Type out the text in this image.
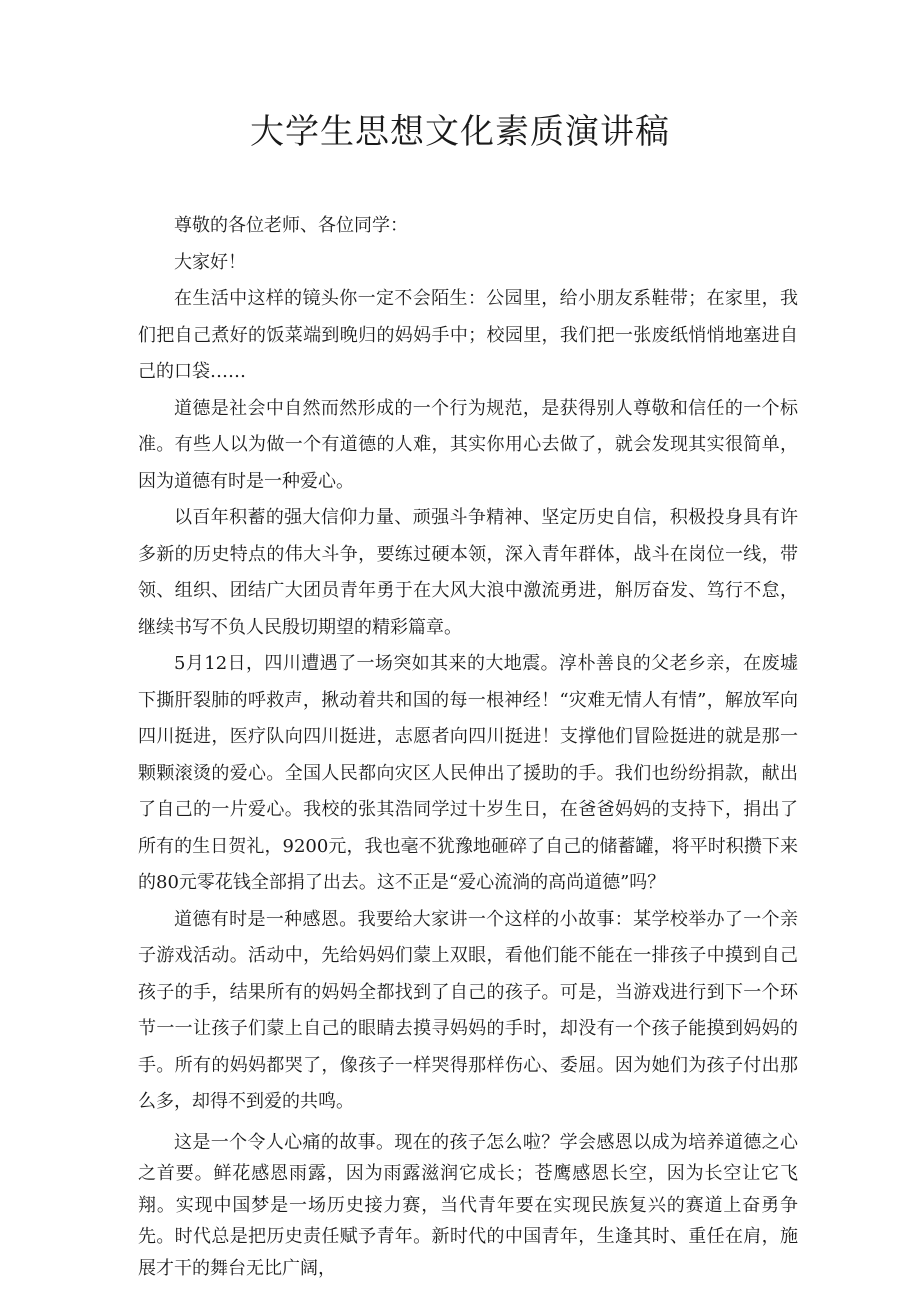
大学生思想文化素质演讲稿

尊敬的各位老师、各位同学：

大家好！

在生活中这样的镜头你一定不会陌生：公园里，给小朋友系鞋带；在家里，我们把自己煮好的饭菜端到晚归的妈妈手中；校园里，我们把一张废纸悄悄地塞进自己的口袋……

道德是社会中自然而然形成的一个行为规范，是获得别人尊敬和信任的一个标准。有些人以为做一个有道德的人难，其实你用心去做了，就会发现其实很简单，因为道德有时是一种爱心。

以百年积蓄的强大信仰力量、顽强斗争精神、坚定历史自信，积极投身具有许多新的历史特点的伟大斗争，要练过硬本领，深入青年群体，战斗在岗位一线，带领、组织、团结广大团员青年勇于在大风大浪中激流勇进，斛厉奋发、笃行不怠，继续书写不负人民殷切期望的精彩篇章。

5月12日，四川遭遇了一场突如其来的大地震。淳朴善良的父老乡亲，在废墟下撕肝裂肺的呼救声，揪动着共和国的每一根神经！“灾难无情人有情”，解放军向四川挺进，医疗队向四川挺进，志愿者向四川挺进！支撑他们冒险挺进的就是那一颗颗滚烫的爱心。全国人民都向灾区人民伸出了援助的手。我们也纷纷捐款，献出了自己的一片爱心。我校的张其浩同学过十岁生日，在爸爸妈妈的支持下，捐出了所有的生日贺礼，9200元，我也毫不犹豫地砸碎了自己的储蓄罐，将平时积攒下来的80元零花钱全部捐了出去。这不正是“爱心流淌的高尚道德”吗？

道德有时是一种感恩。我要给大家讲一个这样的小故事：某学校举办了一个亲子游戏活动。活动中，先给妈妈们蒙上双眼，看他们能不能在一排孩子中摸到自己孩子的手，结果所有的妈妈全都找到了自己的孩子。可是，当游戏进行到下一个环节一一让孩子们蒙上自己的眼睛去摸寻妈妈的手时，却没有一个孩子能摸到妈妈的手。所有的妈妈都哭了，像孩子一样哭得那样伤心、委屈。因为她们为孩子付出那么多，却得不到爱的共鸣。

这是一个令人心痛的故事。现在的孩子怎么啦？学会感恩以成为培养道德之心之首要。鲜花感恩雨露，因为雨露滋润它成长；苍鹰感恩长空，因为长空让它飞翔。实现中国梦是一场历史接力赛，当代青年要在实现民族复兴的赛道上奋勇争先。时代总是把历史责任赋予青年。新时代的中国青年，生逢其时、重任在肩，施展才干的舞台无比广阔，
